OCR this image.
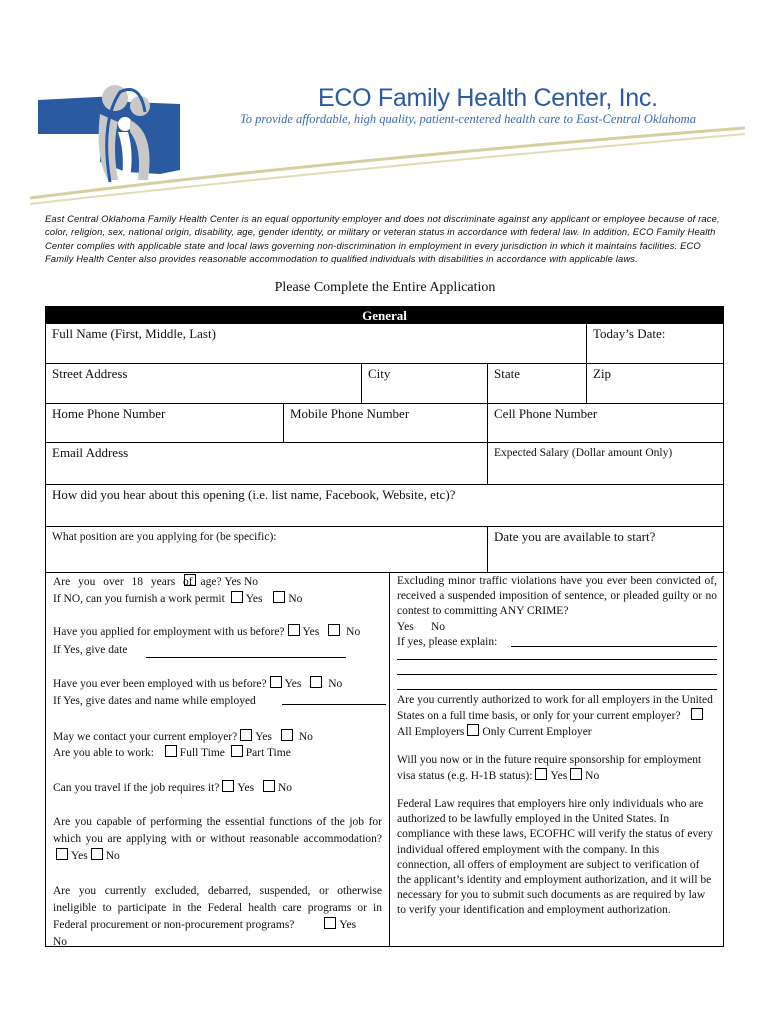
ECO Family Health Center, Inc.
To provide affordable, high quality, patient-centered health care to East-Central Oklahoma
East Central Oklahoma Family Health Center is an equal opportunity employer and does not discriminate against any applicant or employee because of race, color, religion, sex, national origin, disability, age, gender identity, or military or veteran status in accordance with federal law. In addition, ECO Family Health Center complies with applicable state and local laws governing non-discrimination in employment in every jurisdiction in which it maintains facilities. ECO Family Health Center also provides reasonable accommodation to qualified individuals with disabilities in accordance with applicable laws.
Please Complete the Entire Application
General
Full Name (First, Middle, Last)	Today’s Date:
Street Address	City	State	Zip
Home Phone Number	Mobile Phone Number	Cell Phone Number
Email Address	Expected Salary (Dollar amount Only)
How did you hear about this opening (i.e. list name, Facebook, Website, etc)?
What position are you applying for (be specific):	Date you are available to start?
Are you over 18 years of age? Yes No
If NO, can you furnish a work permit Yes No
Have you applied for employment with us before? Yes No
If Yes, give date
Have you ever been employed with us before? Yes No
If Yes, give dates and name while employed
May we contact your current employer? Yes No
Are you able to work: Full Time Part Time
Can you travel if the job requires it? Yes No
Are you capable of performing the essential functions of the job for which you are applying with or without reasonable accommodation?Yes No
Are you currently excluded, debarred, suspended, or otherwise ineligible to participate in the Federal health care programs or in Federal procurement or non-procurement programs?	Yes
No
Excluding minor traffic violations have you ever been convicted of, received a suspended imposition of sentence, or pleaded guilty or no contest to committing ANY CRIME?
Yes      No
If yes, please explain:
Are you currently authorized to work for all employers in the United States on a full time basis, or only for your current employer?All Employers Only Current Employer
Will you now or in the future require sponsorship for employment visa status (e.g. H-1B status): Yes No
Federal Law requires that employers hire only individuals who are authorized to be lawfully employed in the United States. In compliance with these laws, ECOFHC will verify the status of every individual offered employment with the company. In this connection, all offers of employment are subject to verification of the applicant’s identity and employment authorization, and it will be necessary for you to submit such documents as are required by law to verify your identification and employment authorization.
